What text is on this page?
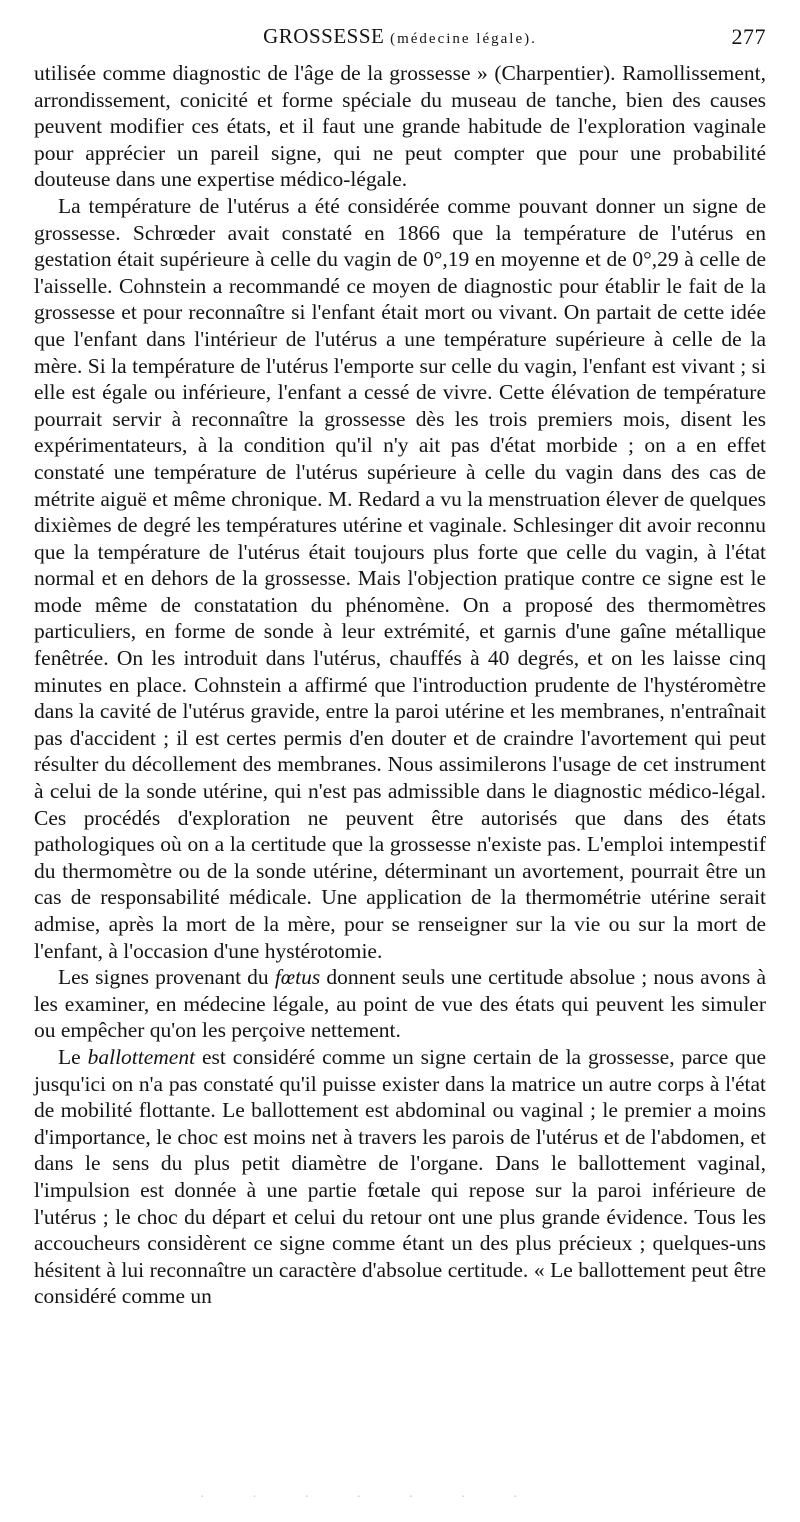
GROSSESSE (médecine légale).	277

utilisée comme diagnostic de l'âge de la grossesse » (Charpentier). Ramollissement, arrondissement, conicité et forme spéciale du museau de tanche, bien des causes peuvent modifier ces états, et il faut une grande habitude de l'exploration vaginale pour apprécier un pareil signe, qui ne peut compter que pour une probabilité douteuse dans une expertise médico-légale.

La température de l'utérus a été considérée comme pouvant donner un signe de grossesse. Schrœder avait constaté en 1866 que la température de l'utérus en gestation était supérieure à celle du vagin de 0°,19 en moyenne et de 0°,29 à celle de l'aisselle. Cohnstein a recommandé ce moyen de diagnostic pour établir le fait de la grossesse et pour reconnaître si l'enfant était mort ou vivant. On partait de cette idée que l'enfant dans l'intérieur de l'utérus a une température supérieure à celle de la mère. Si la température de l'utérus l'emporte sur celle du vagin, l'enfant est vivant ; si elle est égale ou inférieure, l'enfant a cessé de vivre. Cette élévation de température pourrait servir à reconnaître la grossesse dès les trois premiers mois, disent les expérimentateurs, à la condition qu'il n'y ait pas d'état morbide ; on a en effet constaté une température de l'utérus supérieure à celle du vagin dans des cas de métrite aiguë et même chronique. M. Redard a vu la menstruation élever de quelques dixièmes de degré les températures utérine et vaginale. Schlesinger dit avoir reconnu que la température de l'utérus était toujours plus forte que celle du vagin, à l'état normal et en dehors de la grossesse. Mais l'objection pratique contre ce signe est le mode même de constatation du phénomène. On a proposé des thermomètres particuliers, en forme de sonde à leur extrémité, et garnis d'une gaîne métallique fenêtrée. On les introduit dans l'utérus, chauffés à 40 degrés, et on les laisse cinq minutes en place. Cohnstein a affirmé que l'introduction prudente de l'hystéromètre dans la cavité de l'utérus gravide, entre la paroi utérine et les membranes, n'entraînait pas d'accident ; il est certes permis d'en douter et de craindre l'avortement qui peut résulter du décollement des membranes. Nous assimilerons l'usage de cet instrument à celui de la sonde utérine, qui n'est pas admissible dans le diagnostic médico-légal. Ces procédés d'exploration ne peuvent être autorisés que dans des états pathologiques où on a la certitude que la grossesse n'existe pas. L'emploi intempestif du thermomètre ou de la sonde utérine, déterminant un avortement, pourrait être un cas de responsabilité médicale. Une application de la thermométrie utérine serait admise, après la mort de la mère, pour se renseigner sur la vie ou sur la mort de l'enfant, à l'occasion d'une hystérotomie.

Les signes provenant du fœtus donnent seuls une certitude absolue ; nous avons à les examiner, en médecine légale, au point de vue des états qui peuvent les simuler ou empêcher qu'on les perçoive nettement.

Le ballottement est considéré comme un signe certain de la grossesse, parce que jusqu'ici on n'a pas constaté qu'il puisse exister dans la matrice un autre corps à l'état de mobilité flottante. Le ballottement est abdominal ou vaginal ; le premier a moins d'importance, le choc est moins net à travers les parois de l'utérus et de l'abdomen, et dans le sens du plus petit diamètre de l'organe. Dans le ballottement vaginal, l'impulsion est donnée à une partie fœtale qui repose sur la paroi inférieure de l'utérus ; le choc du départ et celui du retour ont une plus grande évidence. Tous les accoucheurs considèrent ce signe comme étant un des plus précieux ; quelques-uns hésitent à lui reconnaître un caractère d'absolue certitude. « Le ballottement peut être considéré comme un

· · · · · · ·
